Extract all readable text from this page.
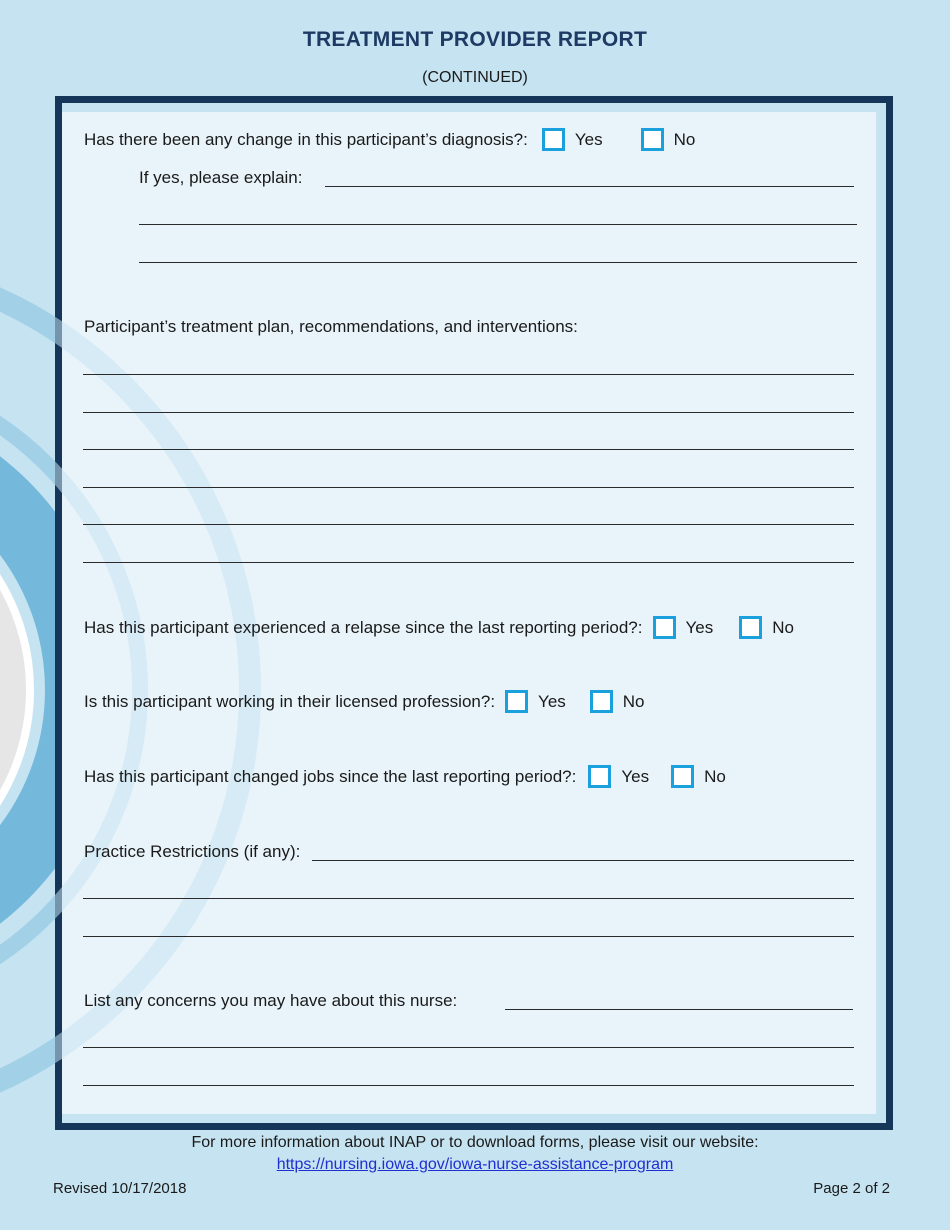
TREATMENT PROVIDER REPORT
(CONTINUED)
Has there been any change in this participant’s diagnosis?:	Yes	No
If yes, please explain:
Participant’s treatment plan, recommendations, and interventions:
Has this participant experienced a relapse since the last reporting period?:	Yes	No
Is this participant working in their licensed profession?:	Yes	No
Has this participant changed jobs since the last reporting period?:	Yes	No
Practice Restrictions (if any):
List any concerns you may have about this nurse:
For more information about INAP or to download forms, please visit our website:
https://nursing.iowa.gov/iowa-nurse-assistance-program
Revised 10/17/2018	Page 2 of 2
